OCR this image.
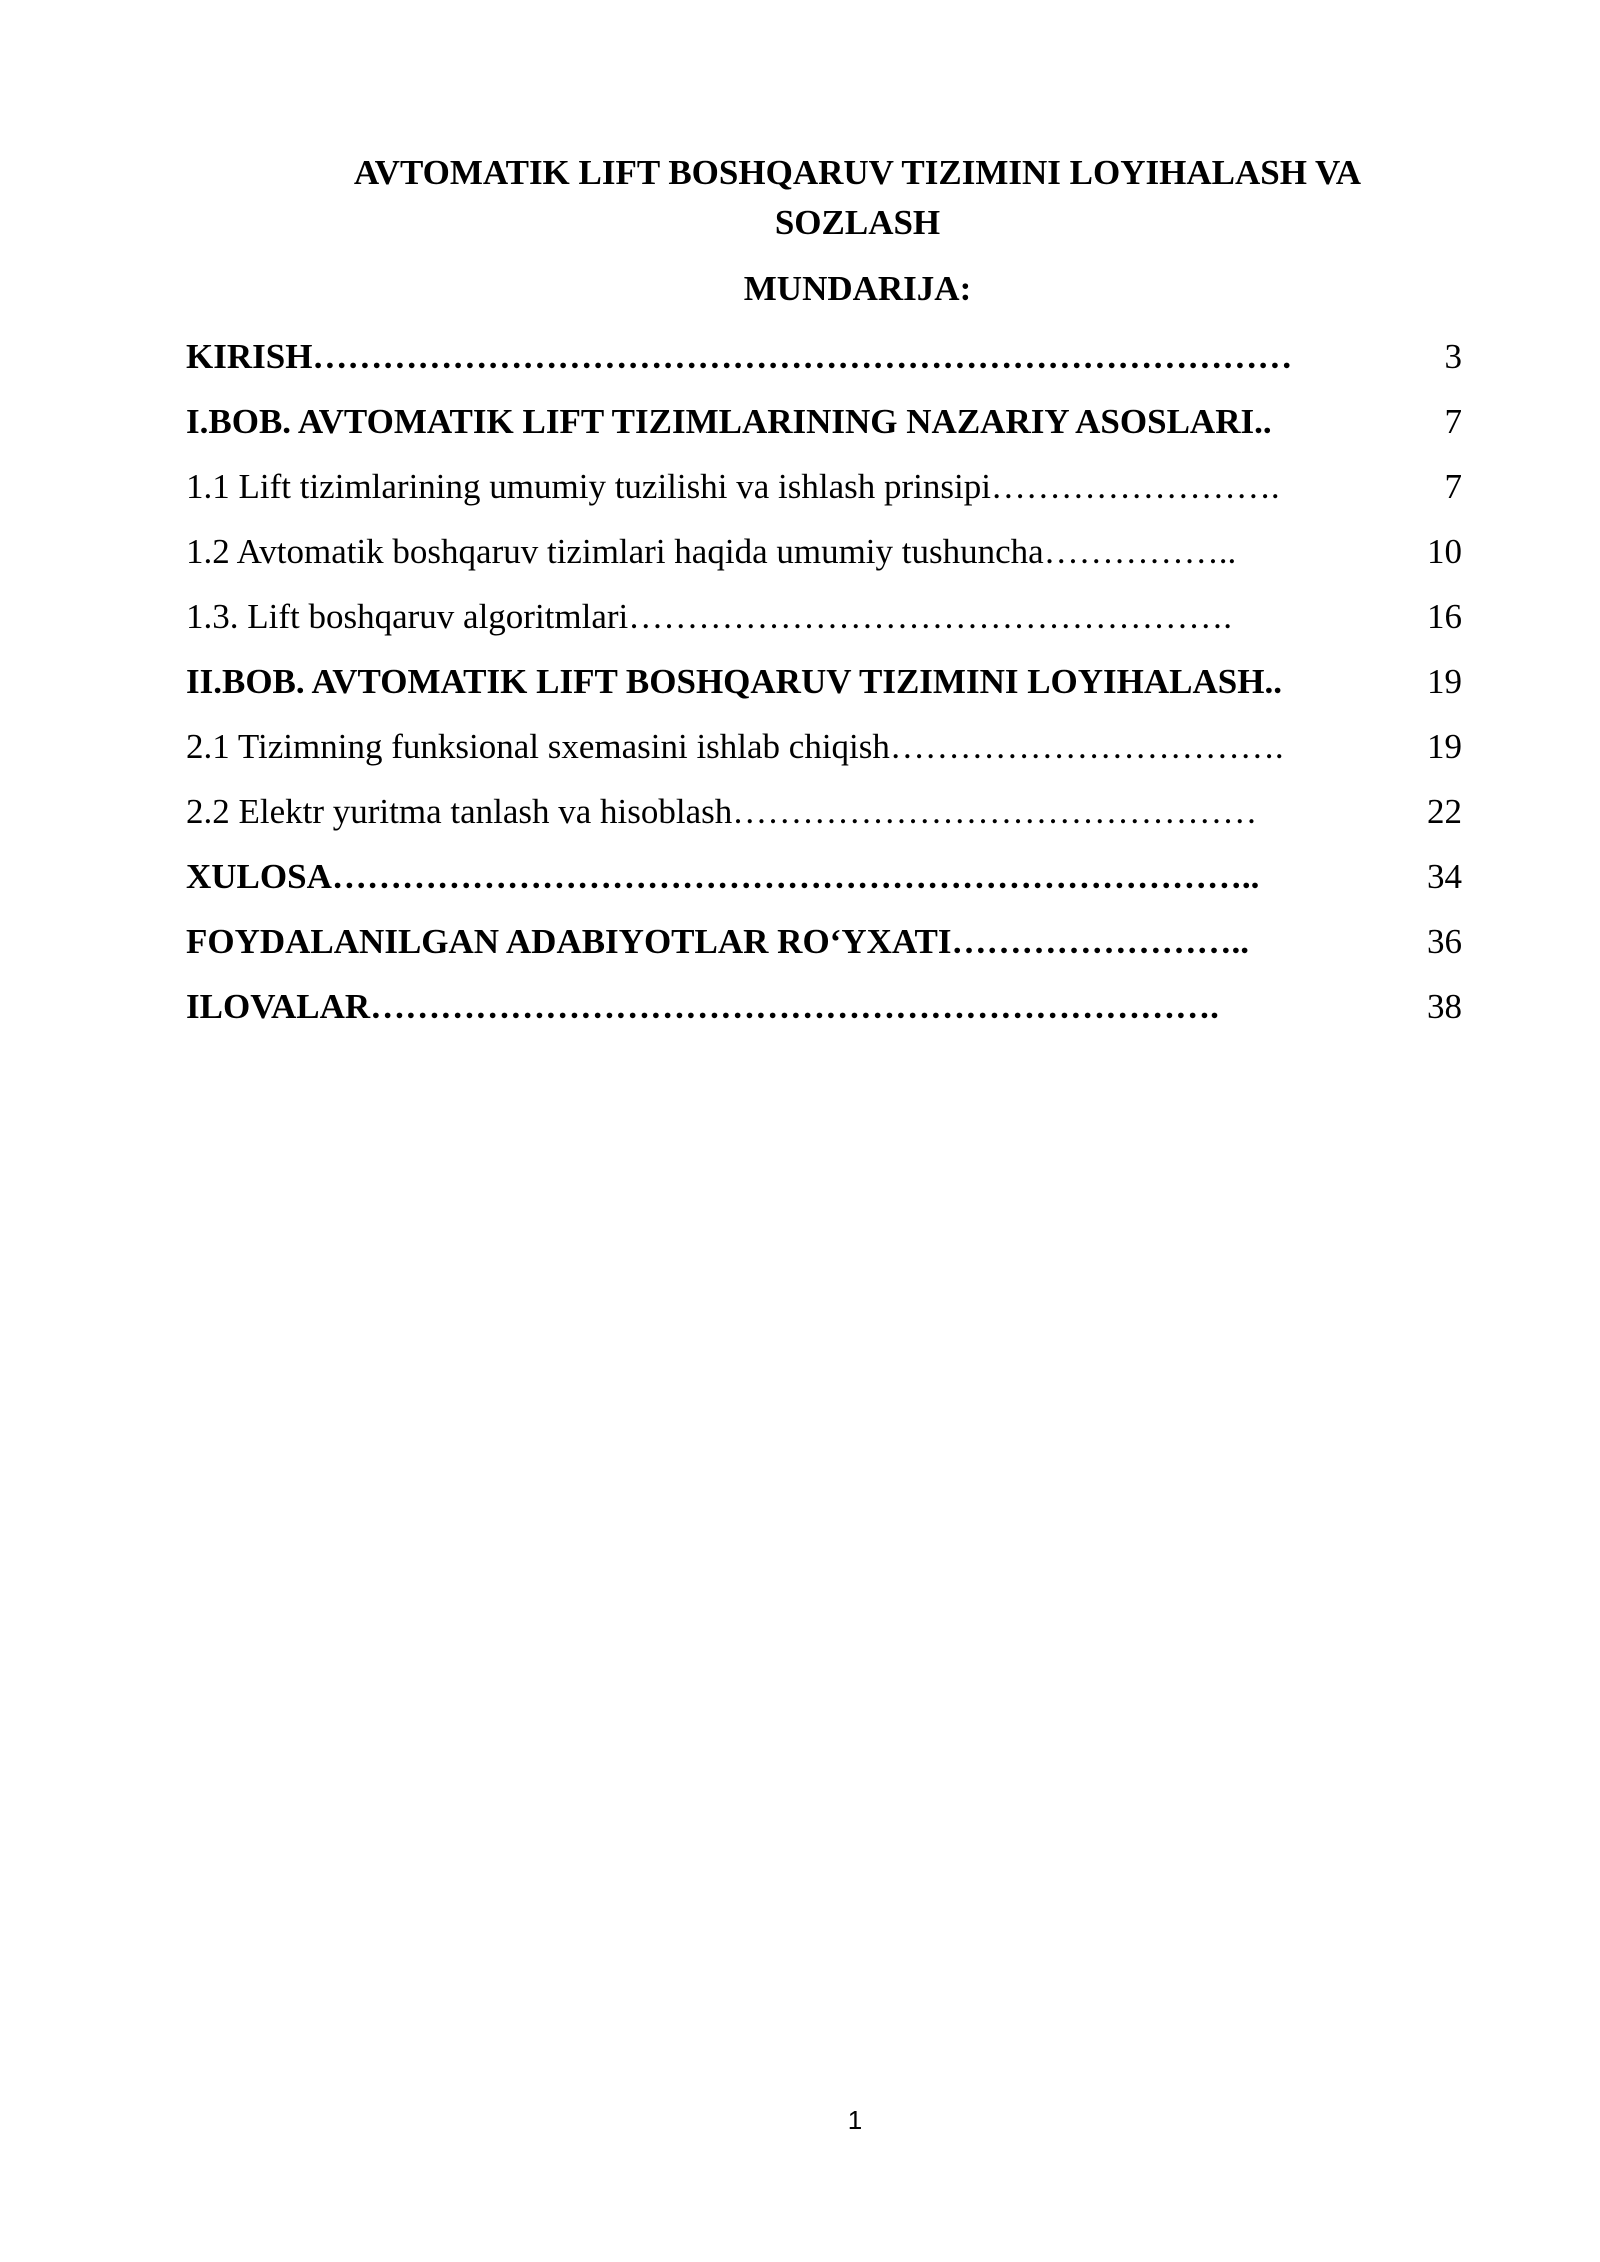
AVTOMATIK LIFT BOSHQARUV TIZIMINI LOYIHALASH VA SOZLASH
MUNDARIJA:
KIRISH…………………………………………………………………………	3
I.BOB. AVTOMATIK LIFT TIZIMLARINING NAZARIY ASOSLARI..	7
1.1 Lift tizimlarining umumiy tuzilishi va ishlash prinsipi…………………….	7
1.2 Avtomatik boshqaruv tizimlari haqida umumiy tushuncha……………..	10
1.3. Lift boshqaruv algoritmlari…………………………………………….	16
II.BOB. AVTOMATIK LIFT BOSHQARUV TIZIMINI LOYIHALASH..	19
2.1 Tizimning funksional sxemasini ishlab chiqish…………………………….	19
2.2 Elektr yuritma tanlash va hisoblash………………………………………	22
XULOSA……………………………………………………………………..	34
FOYDALANILGAN ADABIYOTLAR RO‘YXATI……………………..	36
ILOVALAR……………………………………………………………….	38
1
